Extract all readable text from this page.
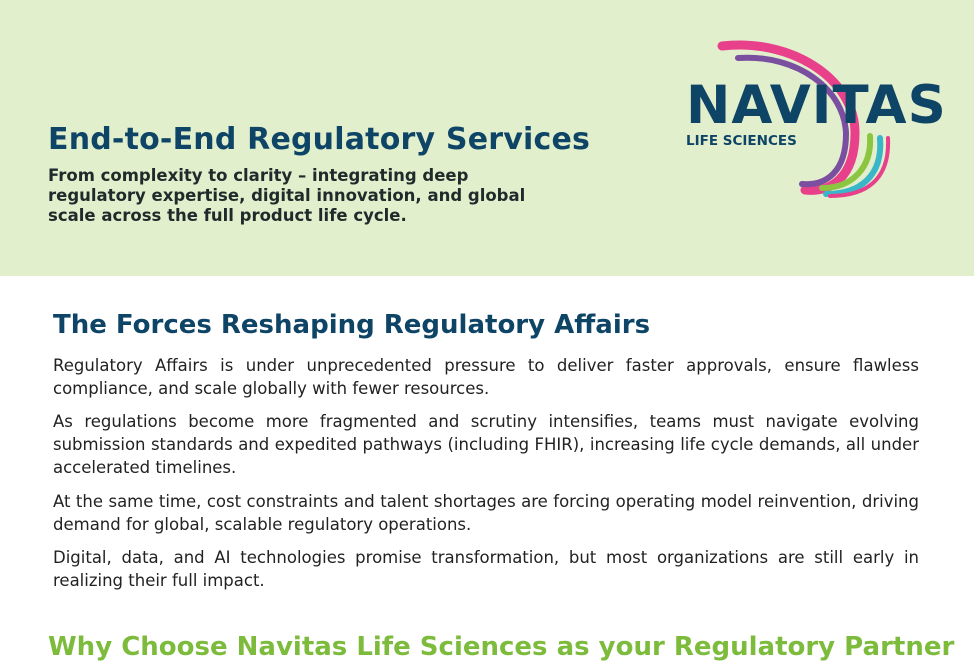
End-to-End Regulatory Services

From complexity to clarity – integrating deep regulatory expertise, digital innovation, and global scale across the full product life cycle.

NAVITAS
LIFE SCIENCES
The Forces Reshaping Regulatory Affairs

Regulatory Affairs is under unprecedented pressure to deliver faster approvals, ensure flawless compliance, and scale globally with fewer resources.

As regulations become more fragmented and scrutiny intensifies, teams must navigate evolving submission standards and expedited pathways (including FHIR), increasing life cycle demands, all under accelerated timelines.

At the same time, cost constraints and talent shortages are forcing operating model reinvention, driving demand for global, scalable regulatory operations.

Digital, data, and AI technologies promise transformation, but most organizations are still early in realizing their full impact.

Why Choose Navitas Life Sciences as your Regulatory Partner
